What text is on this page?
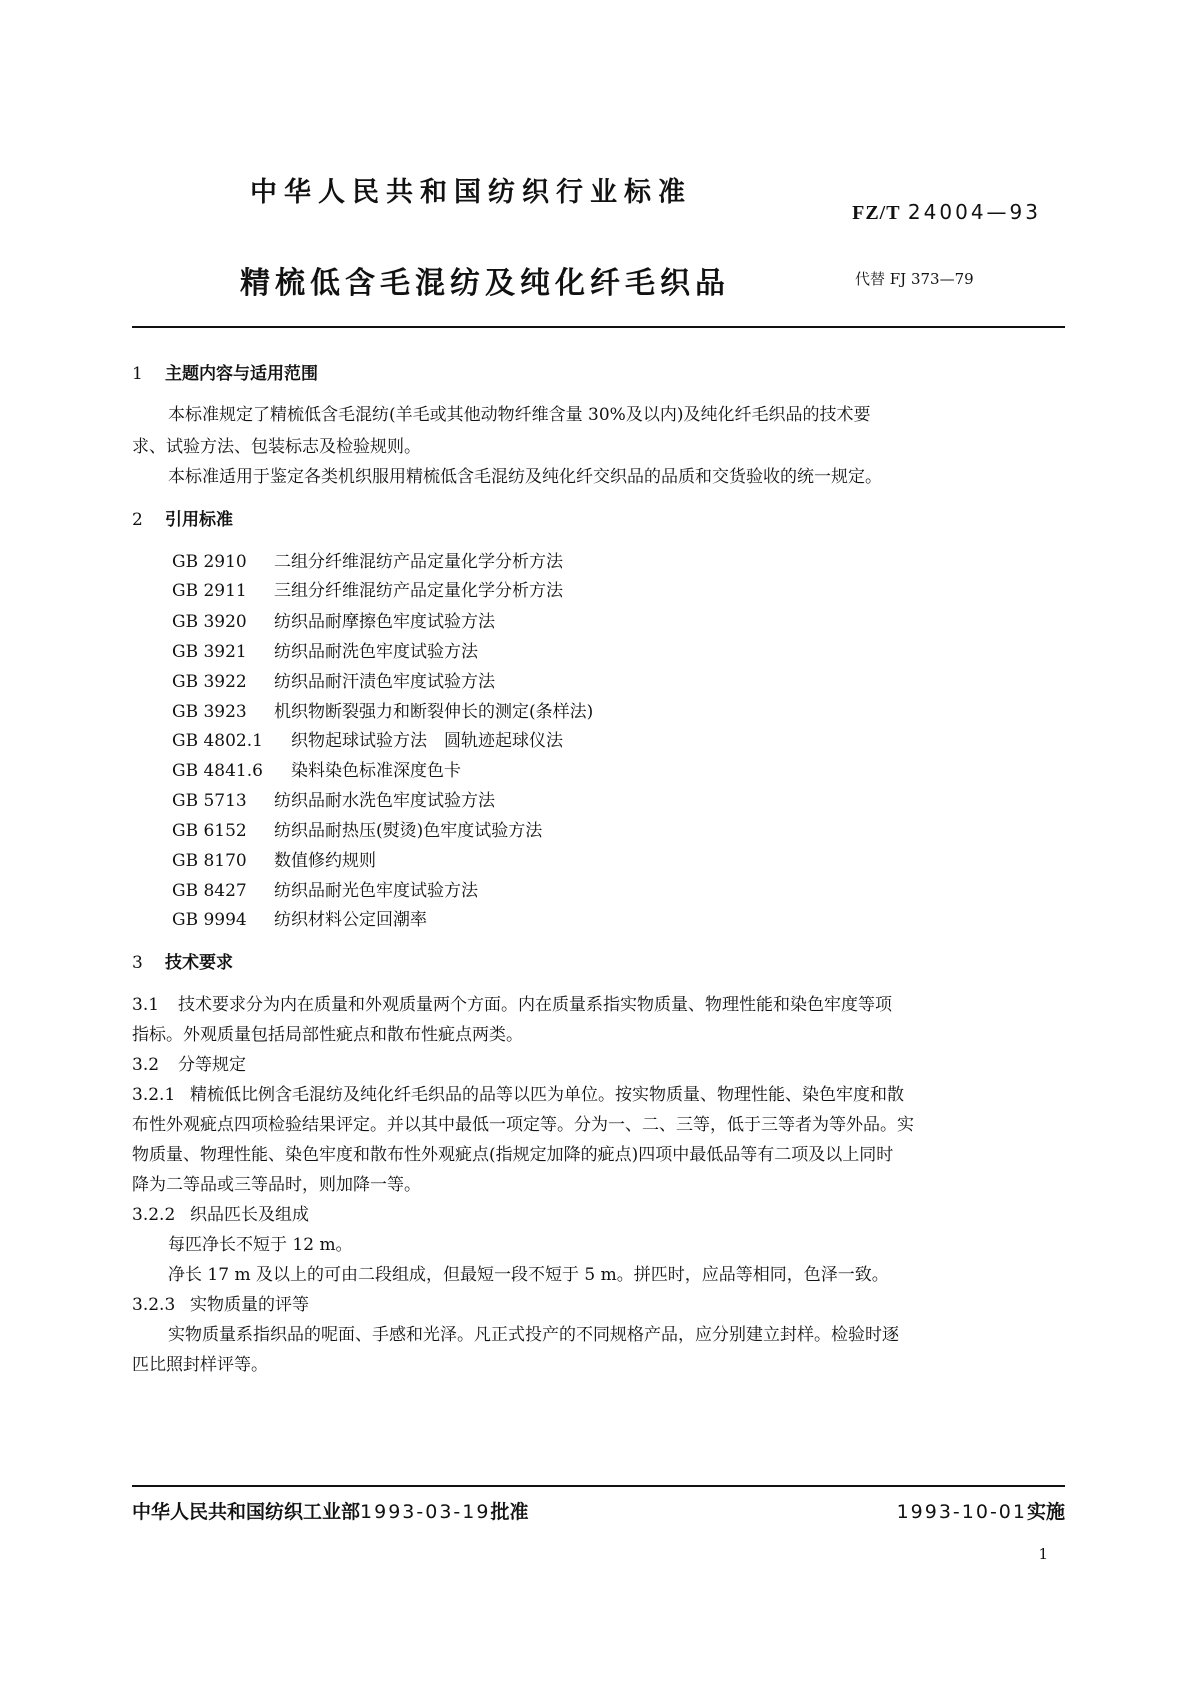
中华人民共和国纺织行业标准
FZ/T 24004—93
精梳低含毛混纺及纯化纤毛织品	代替 FJ 373—79
1 主题内容与适用范围
本标准规定了精梳低含毛混纺(羊毛或其他动物纤维含量 30%及以内)及纯化纤毛织品的技术要
求、试验方法、包装标志及检验规则。
本标准适用于鉴定各类机织服用精梳低含毛混纺及纯化纤交织品的品质和交货验收的统一规定。
2 引用标准
GB 2910 二组分纤维混纺产品定量化学分析方法
GB 2911 三组分纤维混纺产品定量化学分析方法
GB 3920 纺织品耐摩擦色牢度试验方法
GB 3921 纺织品耐洗色牢度试验方法
GB 3922 纺织品耐汗渍色牢度试验方法
GB 3923 机织物断裂强力和断裂伸长的测定(条样法)
GB 4802.1 织物起球试验方法　圆轨迹起球仪法
GB 4841.6 染料染色标准深度色卡
GB 5713 纺织品耐水洗色牢度试验方法
GB 6152 纺织品耐热压(熨烫)色牢度试验方法
GB 8170 数值修约规则
GB 8427 纺织品耐光色牢度试验方法
GB 9994 纺织材料公定回潮率
3 技术要求
3.1 技术要求分为内在质量和外观质量两个方面。内在质量系指实物质量、物理性能和染色牢度等项
指标。外观质量包括局部性疵点和散布性疵点两类。
3.2 分等规定
3.2.1 精梳低比例含毛混纺及纯化纤毛织品的品等以匹为单位。按实物质量、物理性能、染色牢度和散
布性外观疵点四项检验结果评定。并以其中最低一项定等。分为一、二、三等，低于三等者为等外品。实
物质量、物理性能、染色牢度和散布性外观疵点(指规定加降的疵点)四项中最低品等有二项及以上同时
降为二等品或三等品时，则加降一等。
3.2.2 织品匹长及组成
每匹净长不短于 12 m。
净长 17 m 及以上的可由二段组成，但最短一段不短于 5 m。拼匹时，应品等相同，色泽一致。
3.2.3 实物质量的评等
实物质量系指织品的呢面、手感和光泽。凡正式投产的不同规格产品，应分别建立封样。检验时逐
匹比照封样评等。
中华人民共和国纺织工业部1993-03-19批准	1993-10-01实施
1
